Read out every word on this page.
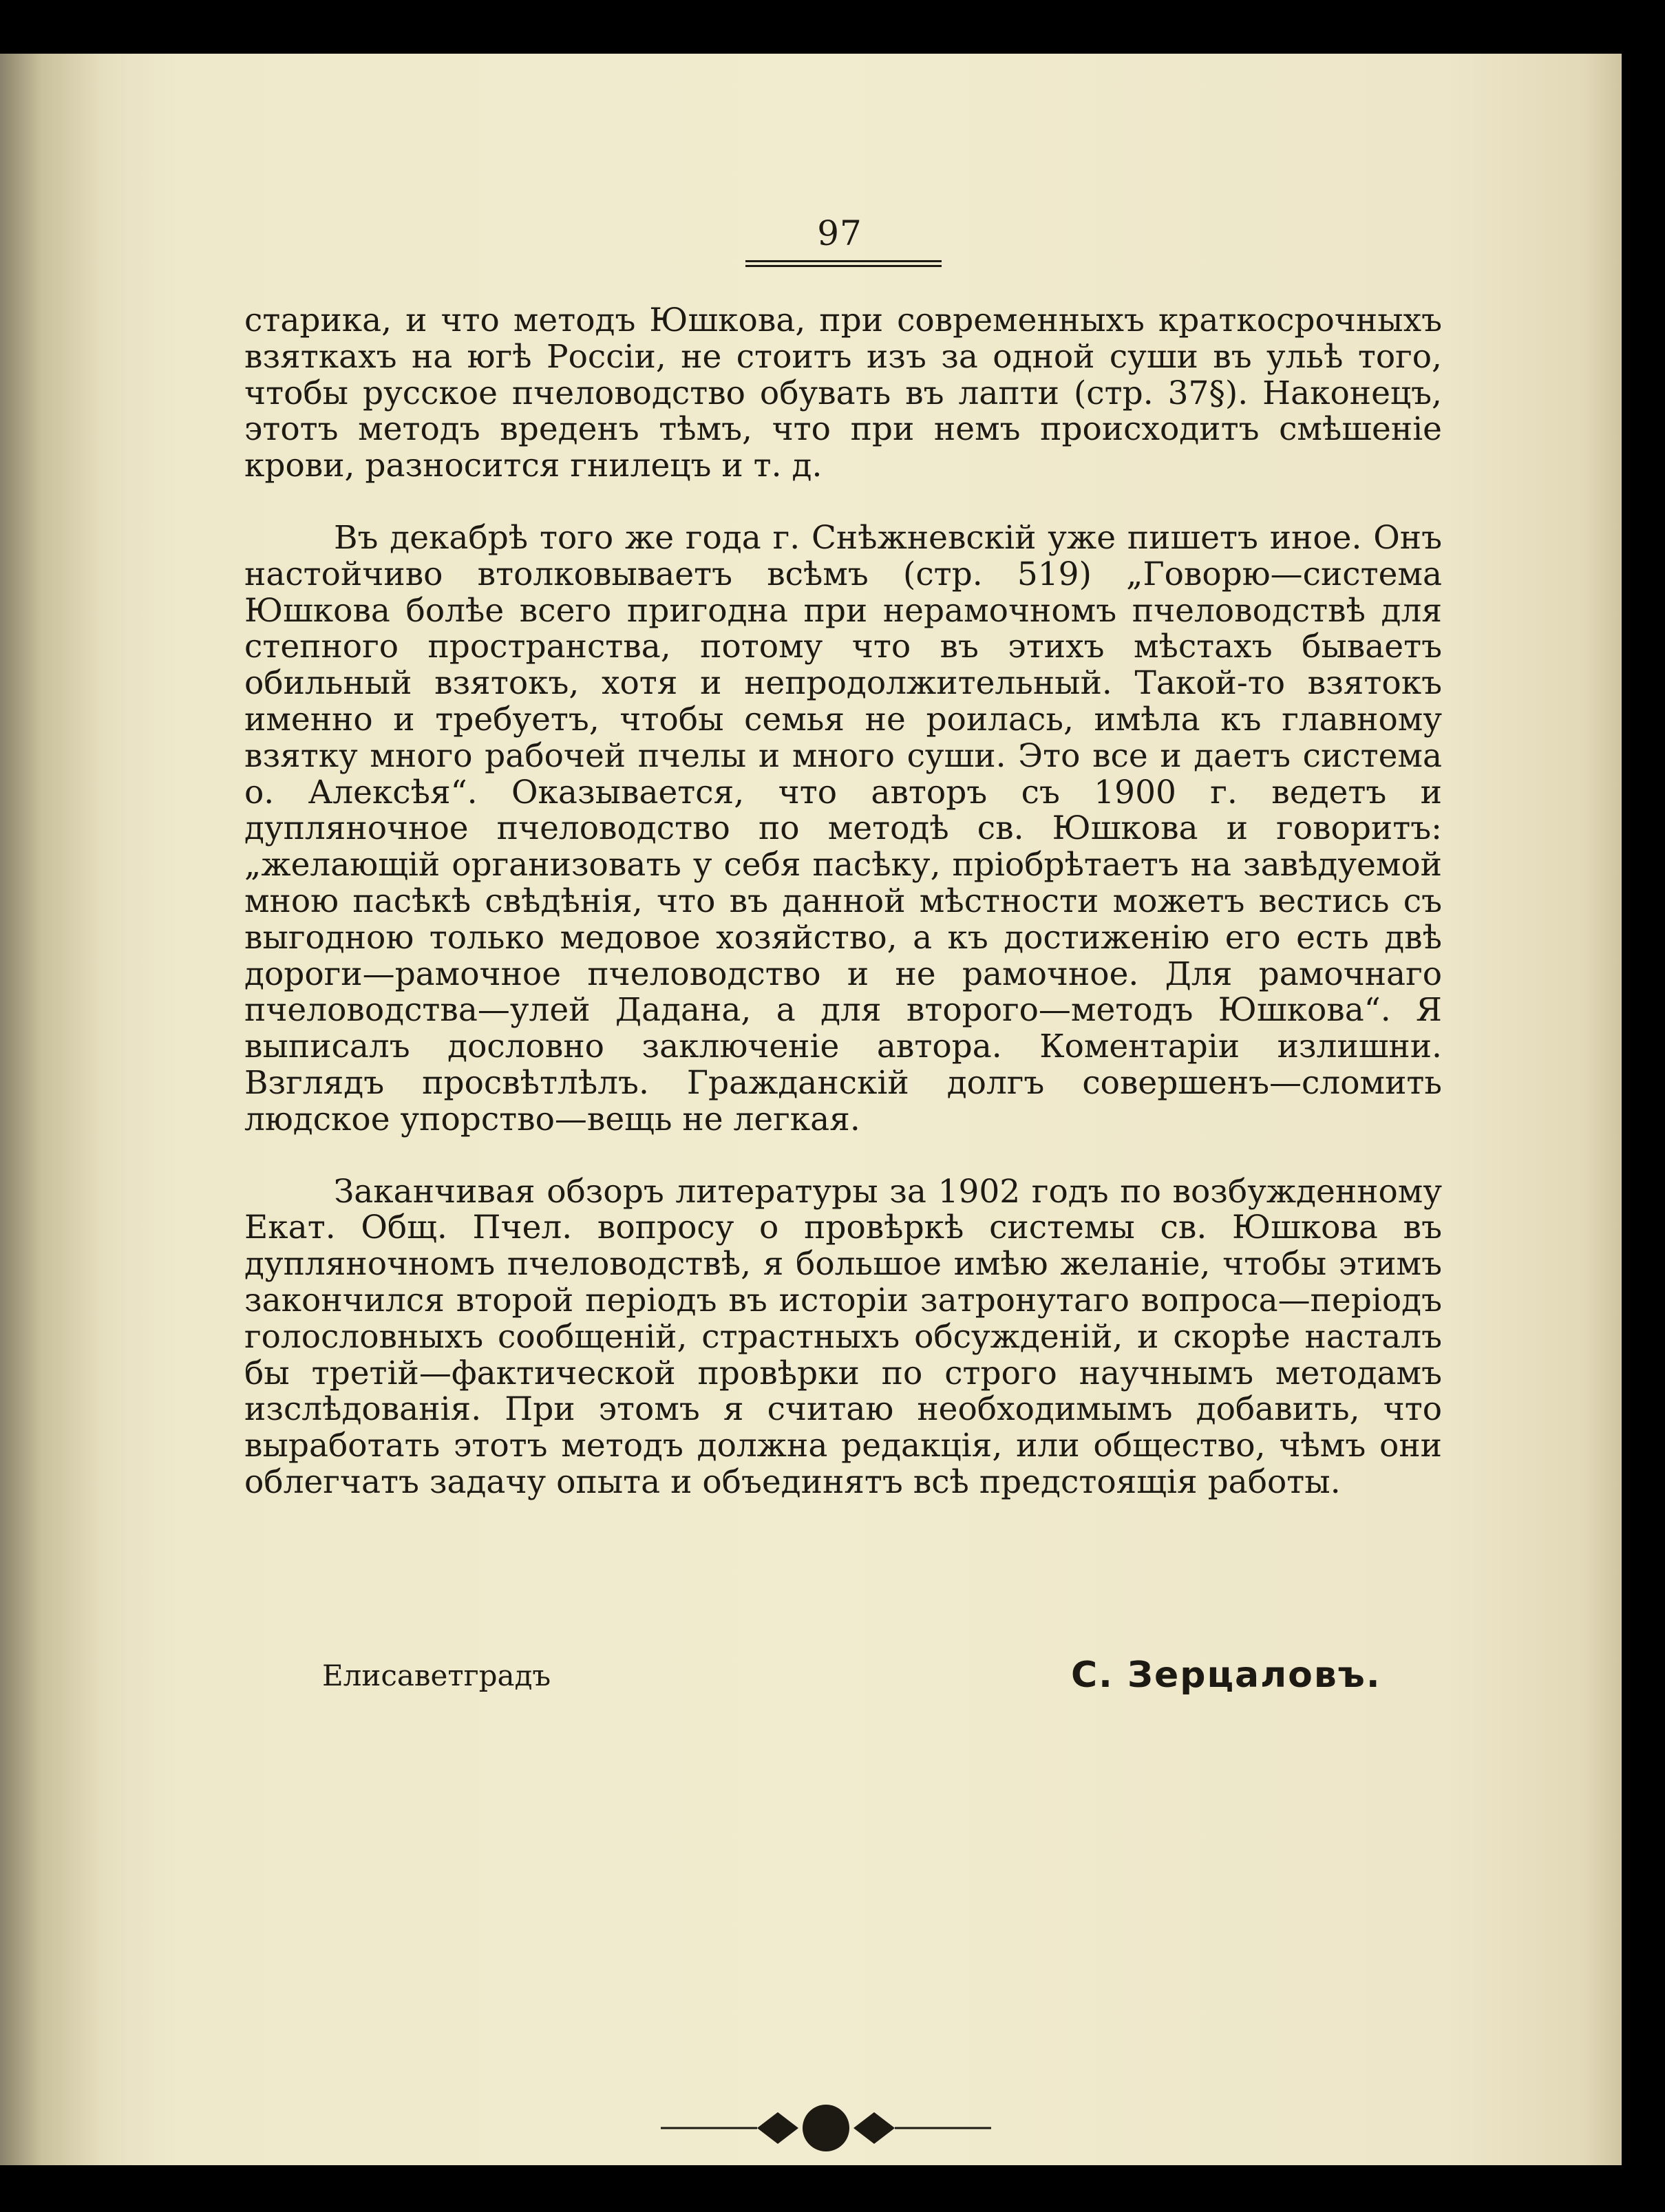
97

старика, и что методъ Юшкова, при современныхъ краткосрочныхъ взяткахъ на югѣ Россіи, не стоитъ изъ за одной суши въ ульѣ того, чтобы русское пчеловодство обувать въ лапти (стр. 37§). Наконецъ, этотъ методъ вреденъ тѣмъ, что при немъ происходитъ смѣшеніе крови, разносится гнилецъ и т. д.

Въ декабрѣ того же года г. Снѣжневскій уже пишетъ иное. Онъ настойчиво втолковываетъ всѣмъ (стр. 519) „Говорю—система Юшкова болѣе всего пригодна при нерамочномъ пчеловодствѣ для степного пространства, потому что въ этихъ мѣстахъ бываетъ обильный взятокъ, хотя и непродолжительный. Такой-то взятокъ именно и требуетъ, чтобы семья не роилась, имѣла къ главному взятку много рабочей пчелы и много суши. Это все и даетъ система о. Алексѣя“. Оказывается, что авторъ съ 1900 г. ведетъ и дупляночное пчеловодство по методѣ св. Юшкова и говоритъ: „желающій организовать у себя пасѣку, пріобрѣтаетъ на завѣдуемой мною пасѣкѣ свѣдѣнія, что въ данной мѣстности можетъ вестись съ выгодною только медовое хозяйство, а къ достиженію его есть двѣ дороги—рамочное пчеловодство и не рамочное. Для рамочнаго пчеловодства—улей Дадана, а для второго—методъ Юшкова“. Я выписалъ дословно заключеніе автора. Коментаріи излишни. Взглядъ просвѣтлѣлъ. Гражданскій долгъ совершенъ—сломить людское упорство—вещь не легкая.

Заканчивая обзоръ литературы за 1902 годъ по возбужденному Екат. Общ. Пчел. вопросу о провѣркѣ системы св. Юшкова въ дупляночномъ пчеловодствѣ, я большое имѣю желаніе, чтобы этимъ закончился второй періодъ въ исторіи затронутаго вопроса—періодъ голословныхъ сообщеній, страстныхъ обсужденій, и скорѣе насталъ бы третій—фактической провѣрки по строго научнымъ методамъ изслѣдованія. При этомъ я считаю необходимымъ добавить, что выработать этотъ методъ должна редакція, или общество, чѣмъ они облегчатъ задачу опыта и объединятъ всѣ предстоящія работы.

Елисаветградъ	С. Зерцаловъ.
